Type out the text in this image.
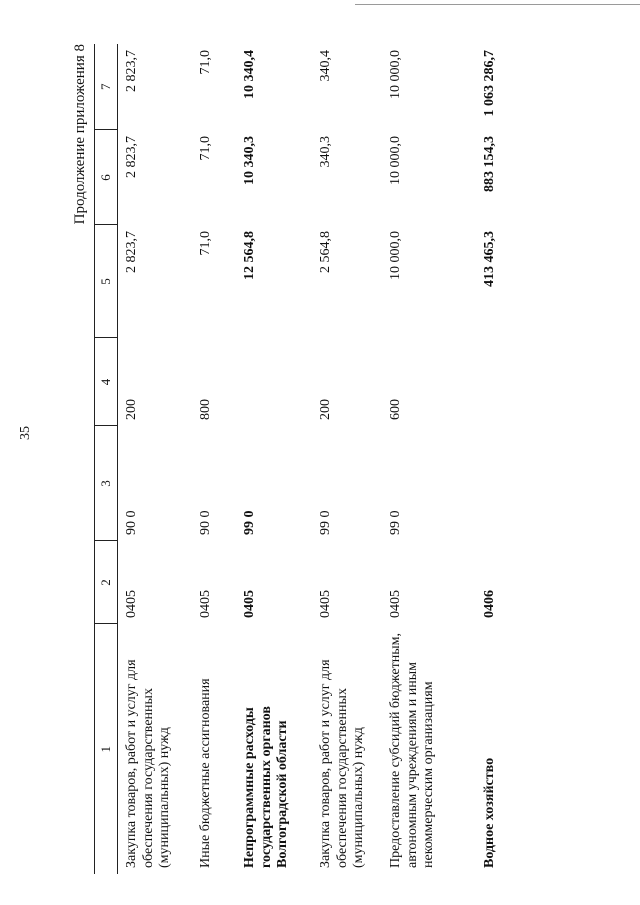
35
Продолжение приложения 8
1	2	3	4	5	6	7
Закупка товаров, работ и услуг для обеспечения государственных (муниципальных) нужд	0405	90 0	200	2 823,7	2 823,7	2 823,7
Иные бюджетные ассигнования	0405	90 0	800	71,0	71,0	71,0
Непрограммные расходы государственных органов Волгоградской области	0405	99 0		12 564,8	10 340,3	10 340,4
Закупка товаров, работ и услуг для обеспечения государственных (муниципальных) нужд	0405	99 0	200	2 564,8	340,3	340,4
Предоставление субсидий бюджетным, автономным учреждениям и иным некоммерческим организациям	0405	99 0	600	10 000,0	10 000,0	10 000,0
Водное хозяйство	0406			413 465,3	883 154,3	1 063 286,7
